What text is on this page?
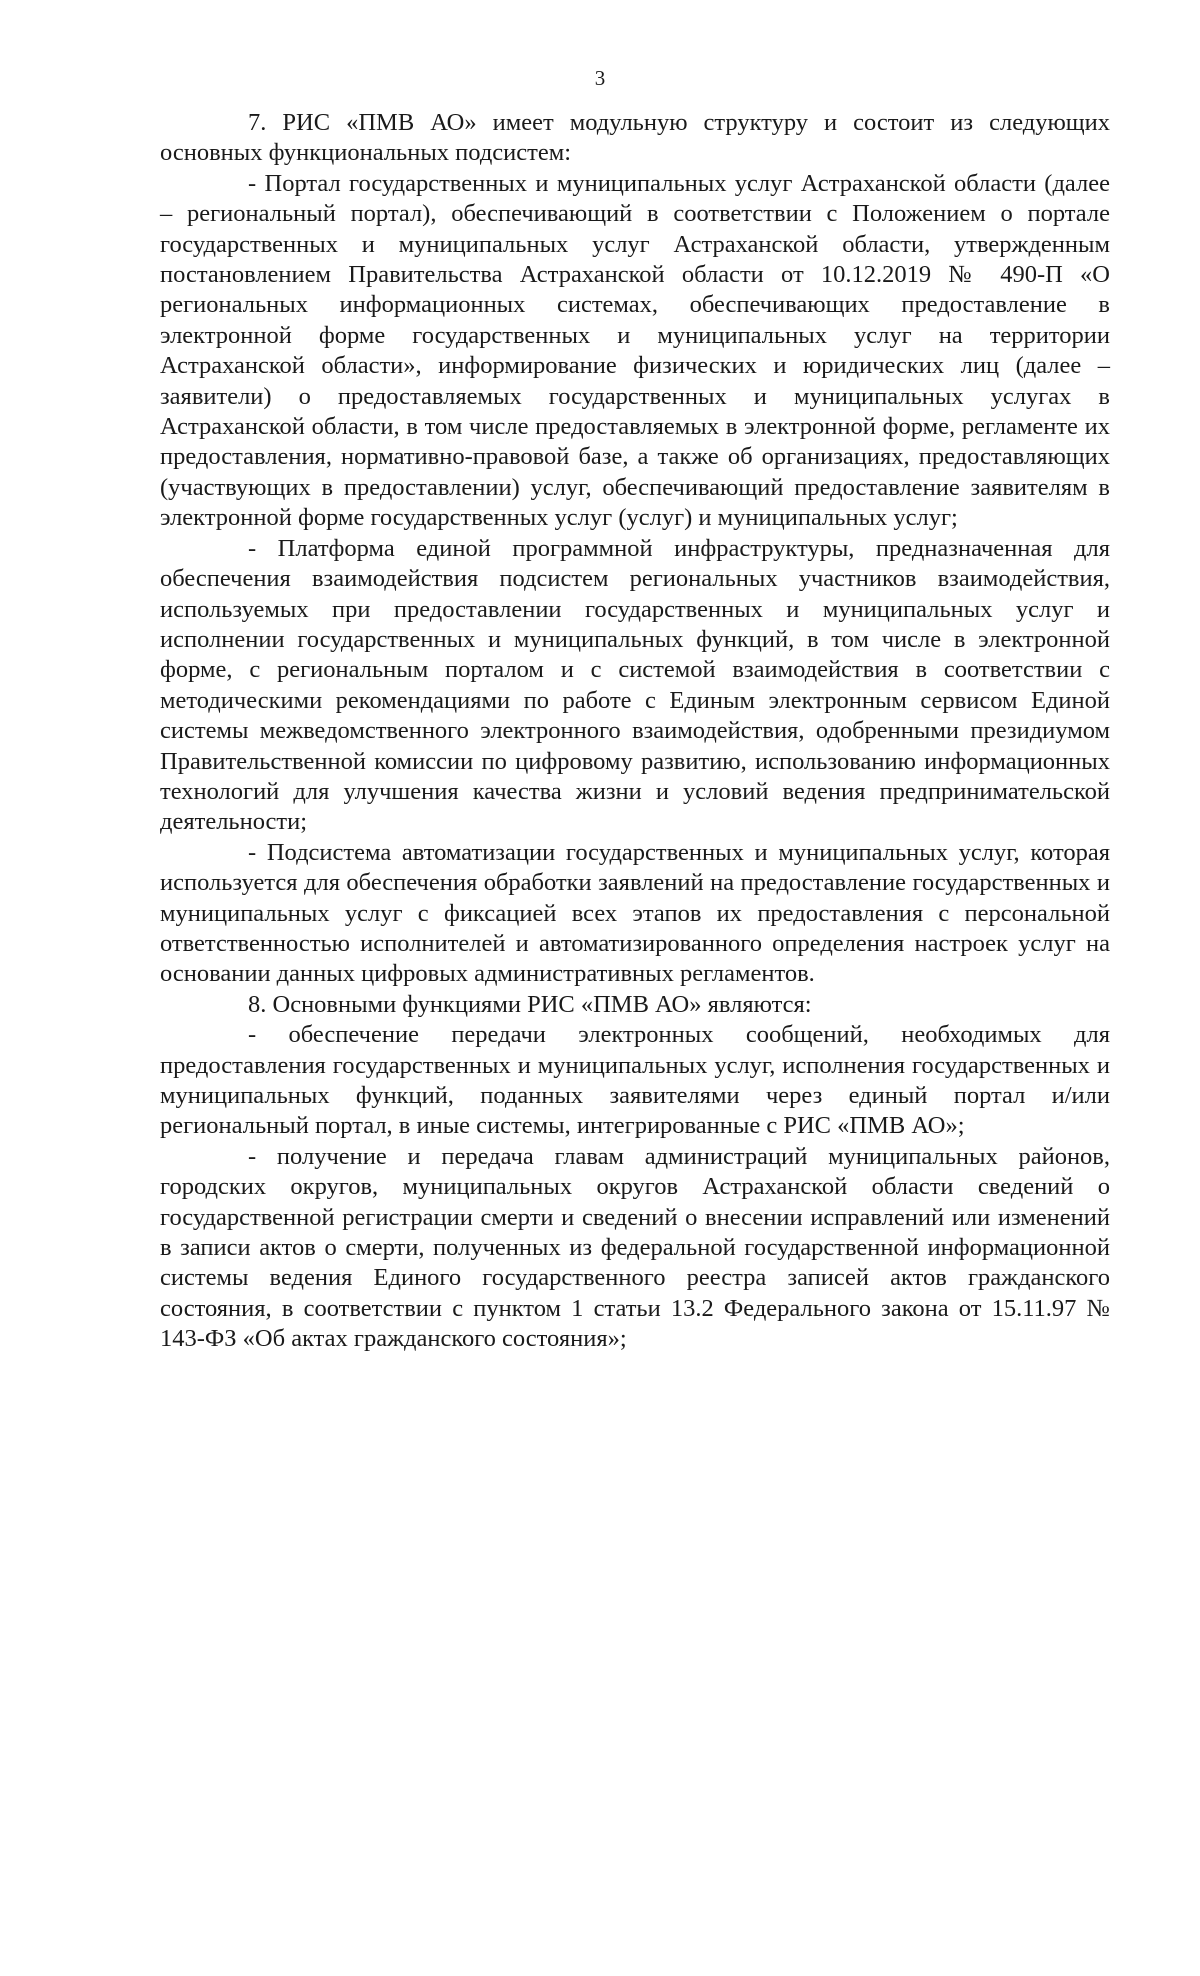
3

7. РИС «ПМВ АО» имеет модульную структуру и состоит из следующих основных функциональных подсистем:

- Портал государственных и муниципальных услуг Астраханской области (далее – региональный портал), обеспечивающий в соответствии с Положением о портале государственных и муниципальных услуг Астраханской области, утвержденным постановлением Правительства Астраханской области от 10.12.2019 № 490-П «О региональных информационных системах, обеспечивающих предоставление в электронной форме государственных и муниципальных услуг на территории Астраханской области», информирование физических и юридических лиц (далее – заявители) о предоставляемых государственных и муниципальных услугах в Астраханской области, в том числе предоставляемых в электронной форме, регламенте их предоставления, нормативно-правовой базе, а также об организациях, предоставляющих (участвующих в предоставлении) услуг, обеспечивающий предоставление заявителям в электронной форме государственных услуг (услуг) и муниципальных услуг;

- Платформа единой программной инфраструктуры, предназначенная для обеспечения взаимодействия подсистем региональных участников взаимодействия, используемых при предоставлении государственных и муниципальных услуг и исполнении государственных и муниципальных функций, в том числе в электронной форме, с региональным порталом и с системой взаимодействия в соответствии с методическими рекомендациями по работе с Единым электронным сервисом Единой системы межведомственного электронного взаимодействия, одобренными президиумом Правительственной комиссии по цифровому развитию, использованию информационных технологий для улучшения качества жизни и условий ведения предпринимательской деятельности;

- Подсистема автоматизации государственных и муниципальных услуг, которая используется для обеспечения обработки заявлений на предоставление государственных и муниципальных услуг с фиксацией всех этапов их предоставления с персональной ответственностью исполнителей и автоматизированного определения настроек услуг на основании данных цифровых административных регламентов.

8. Основными функциями РИС «ПМВ АО» являются:

- обеспечение передачи электронных сообщений, необходимых для предоставления государственных и муниципальных услуг, исполнения государственных и муниципальных функций, поданных заявителями через единый портал и/или региональный портал, в иные системы, интегрированные с РИС «ПМВ АО»;

- получение и передача главам администраций муниципальных районов, городских округов, муниципальных округов Астраханской области сведений о государственной регистрации смерти и сведений о внесении исправлений или изменений в записи актов о смерти, полученных из федеральной государственной информационной системы ведения Единого государственного реестра записей актов гражданского состояния, в соответствии с пунктом 1 статьи 13.2 Федерального закона от 15.11.97 № 143-ФЗ «Об актах гражданского состояния»;
